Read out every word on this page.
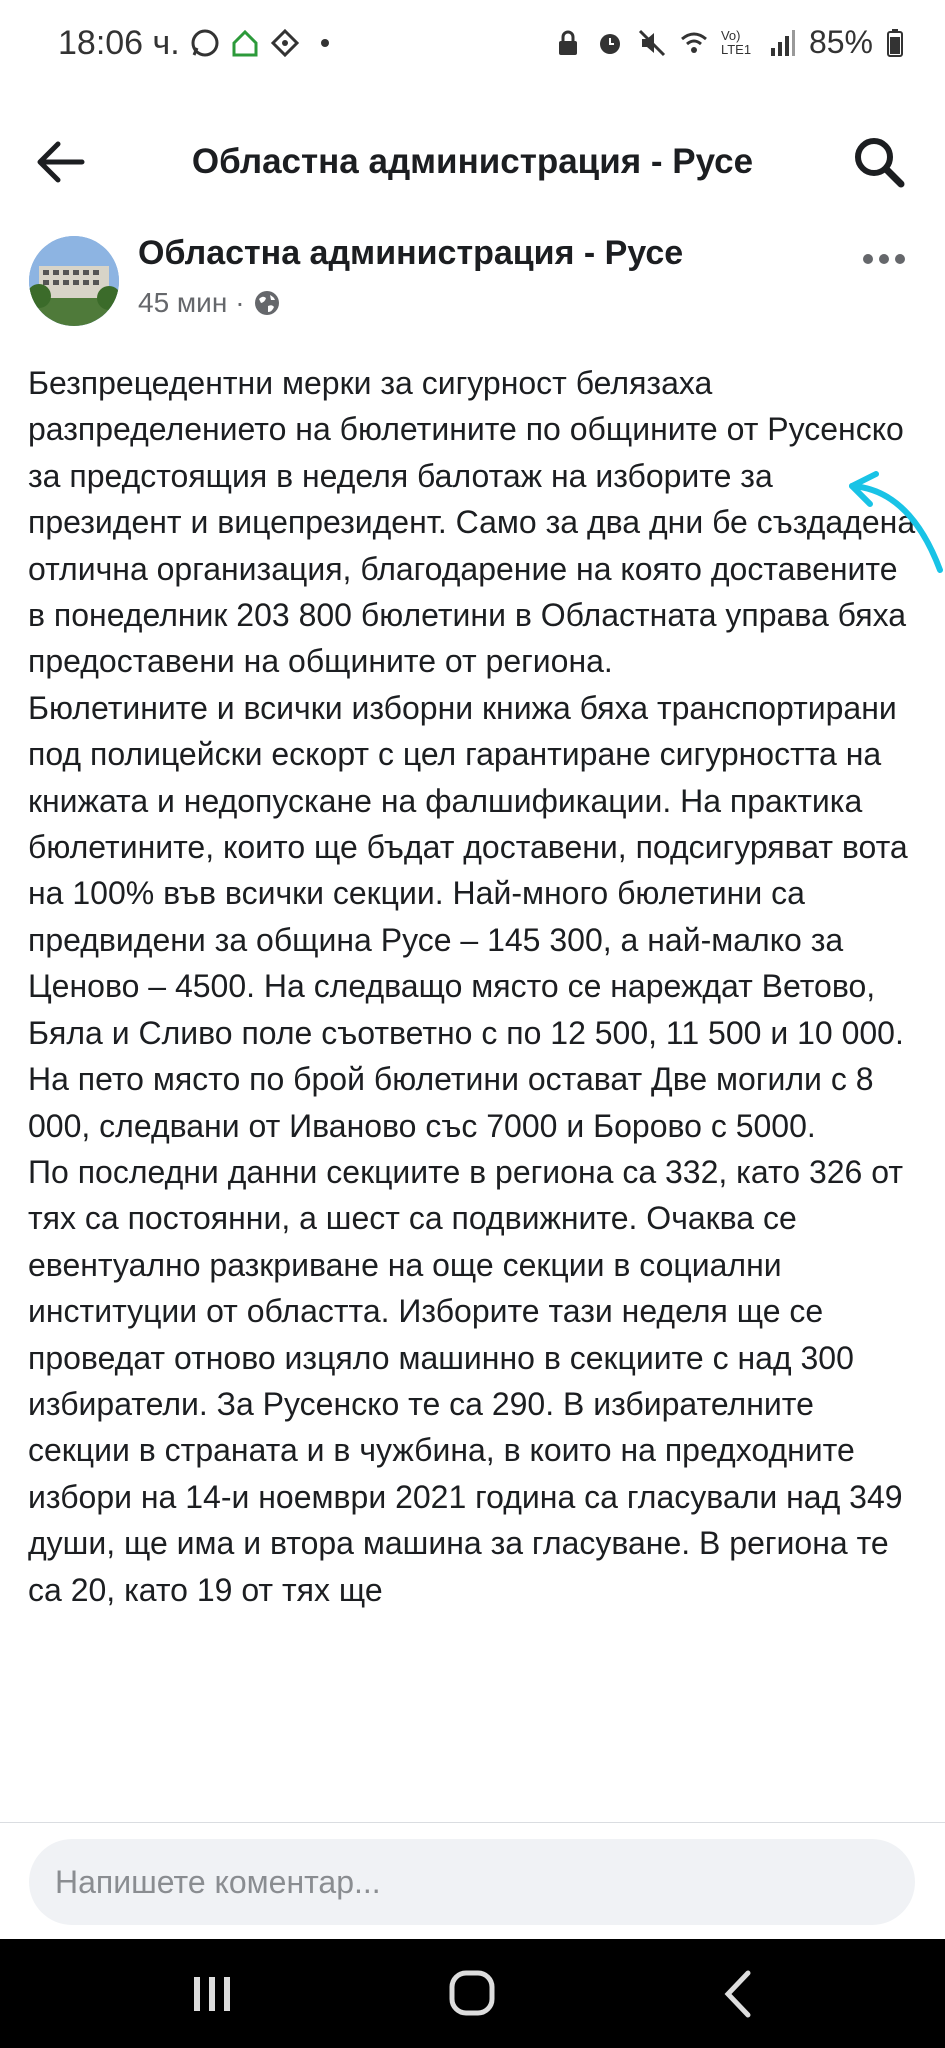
18:06 ч.	Vo) LTE1 85%
Областна администрация - Русе
Областна администрация - Русе
45 мин ·

Безпрецедентни мерки за сигурност белязаха разпределението на бюлетините по общините от Русенско за предстоящия в неделя балотаж на изборите за президент и вицепрезидент. Само за два дни бе създадена отлична организация, благодарение на която доставените в понеделник 203 800 бюлетини в Областната управа бяха предоставени на общините от региона.

Бюлетините и всички изборни книжа бяха транспортирани под полицейски ескорт с цел гарантиране сигурността на книжата и недопускане на фалшификации. На практика бюлетините, които ще бъдат доставени, подсигуряват вота на 100% във всички секции. Най-много бюлетини са предвидени за община Русе – 145 300, а най-малко за Ценово – 4500. На следващо място се нареждат Ветово, Бяла и Сливо поле съответно с по 12 500, 11 500 и 10 000. На пето място по брой бюлетини остават Две могили с 8 000, следвани от Иваново със 7000 и Борово с 5000.

По последни данни секциите в региона са 332, като 326 от тях са постоянни, а шест са подвижните. Очаква се евентуално разкриване на още секции в социални институции от областта. Изборите тази неделя ще се проведат отново изцяло машинно в секциите с над 300 избиратели. За Русенско те са 290. В избирателните секции в страната и в чужбина, в които на предходните избори на 14-и ноември 2021 година са гласували над 349 души, ще има и втора машина за гласуване. В региона те са 20, като 19 от тях ще

Напишете коментар...
